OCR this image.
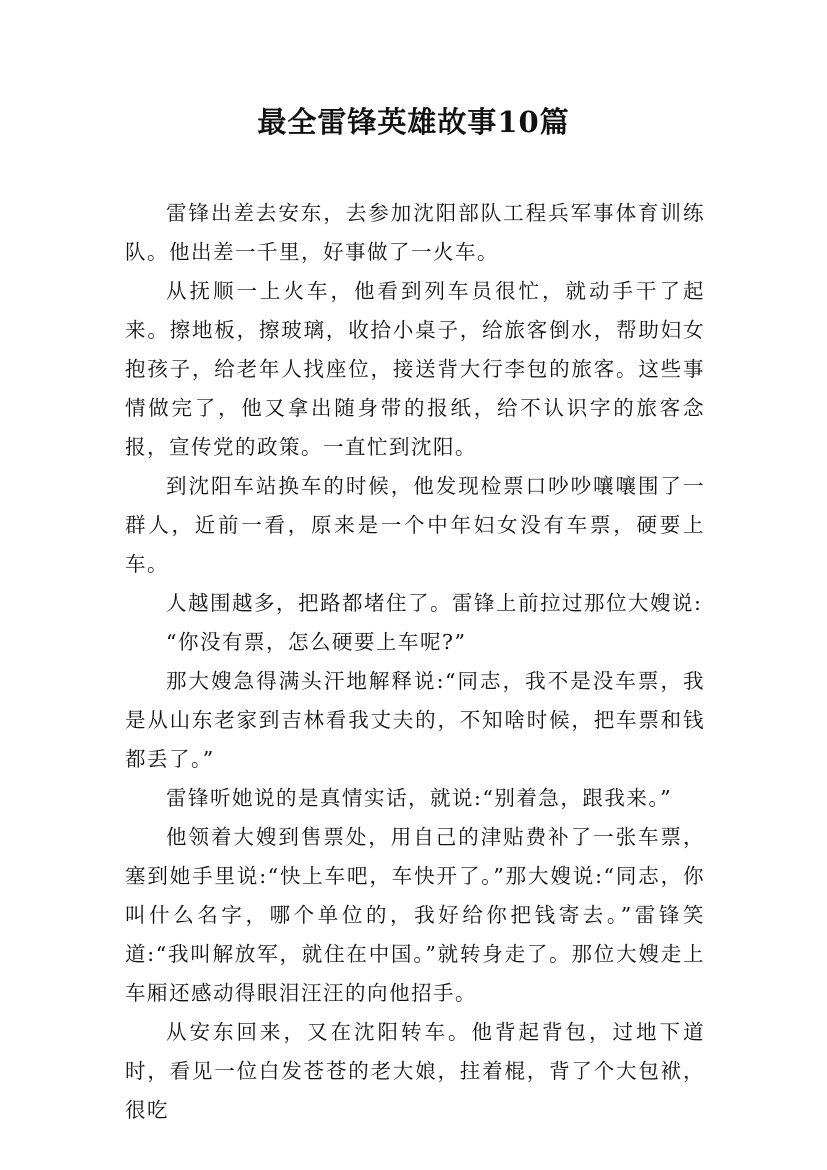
最全雷锋英雄故事10篇

雷锋出差去安东，去参加沈阳部队工程兵军事体育训练队。他出差一千里，好事做了一火车。

从抚顺一上火车，他看到列车员很忙，就动手干了起来。擦地板，擦玻璃，收拾小桌子，给旅客倒水，帮助妇女抱孩子，给老年人找座位，接送背大行李包的旅客。这些事情做完了，他又拿出随身带的报纸，给不认识字的旅客念报，宣传党的政策。一直忙到沈阳。

到沈阳车站换车的时候，他发现检票口吵吵嚷嚷围了一群人，近前一看，原来是一个中年妇女没有车票，硬要上车。

人越围越多，把路都堵住了。雷锋上前拉过那位大嫂说:

“你没有票，怎么硬要上车呢?”

那大嫂急得满头汗地解释说:“同志，我不是没车票，我是从山东老家到吉林看我丈夫的，不知啥时候，把车票和钱都丢了。”

雷锋听她说的是真情实话，就说:“别着急，跟我来。”

他领着大嫂到售票处，用自己的津贴费补了一张车票，塞到她手里说:“快上车吧，车快开了。”那大嫂说:“同志，你叫什么名字，哪个单位的，我好给你把钱寄去。”雷锋笑道:“我叫解放军，就住在中国。”就转身走了。那位大嫂走上车厢还感动得眼泪汪汪的向他招手。

从安东回来，又在沈阳转车。他背起背包，过地下道时，看见一位白发苍苍的老大娘，拄着棍，背了个大包袱，很吃
